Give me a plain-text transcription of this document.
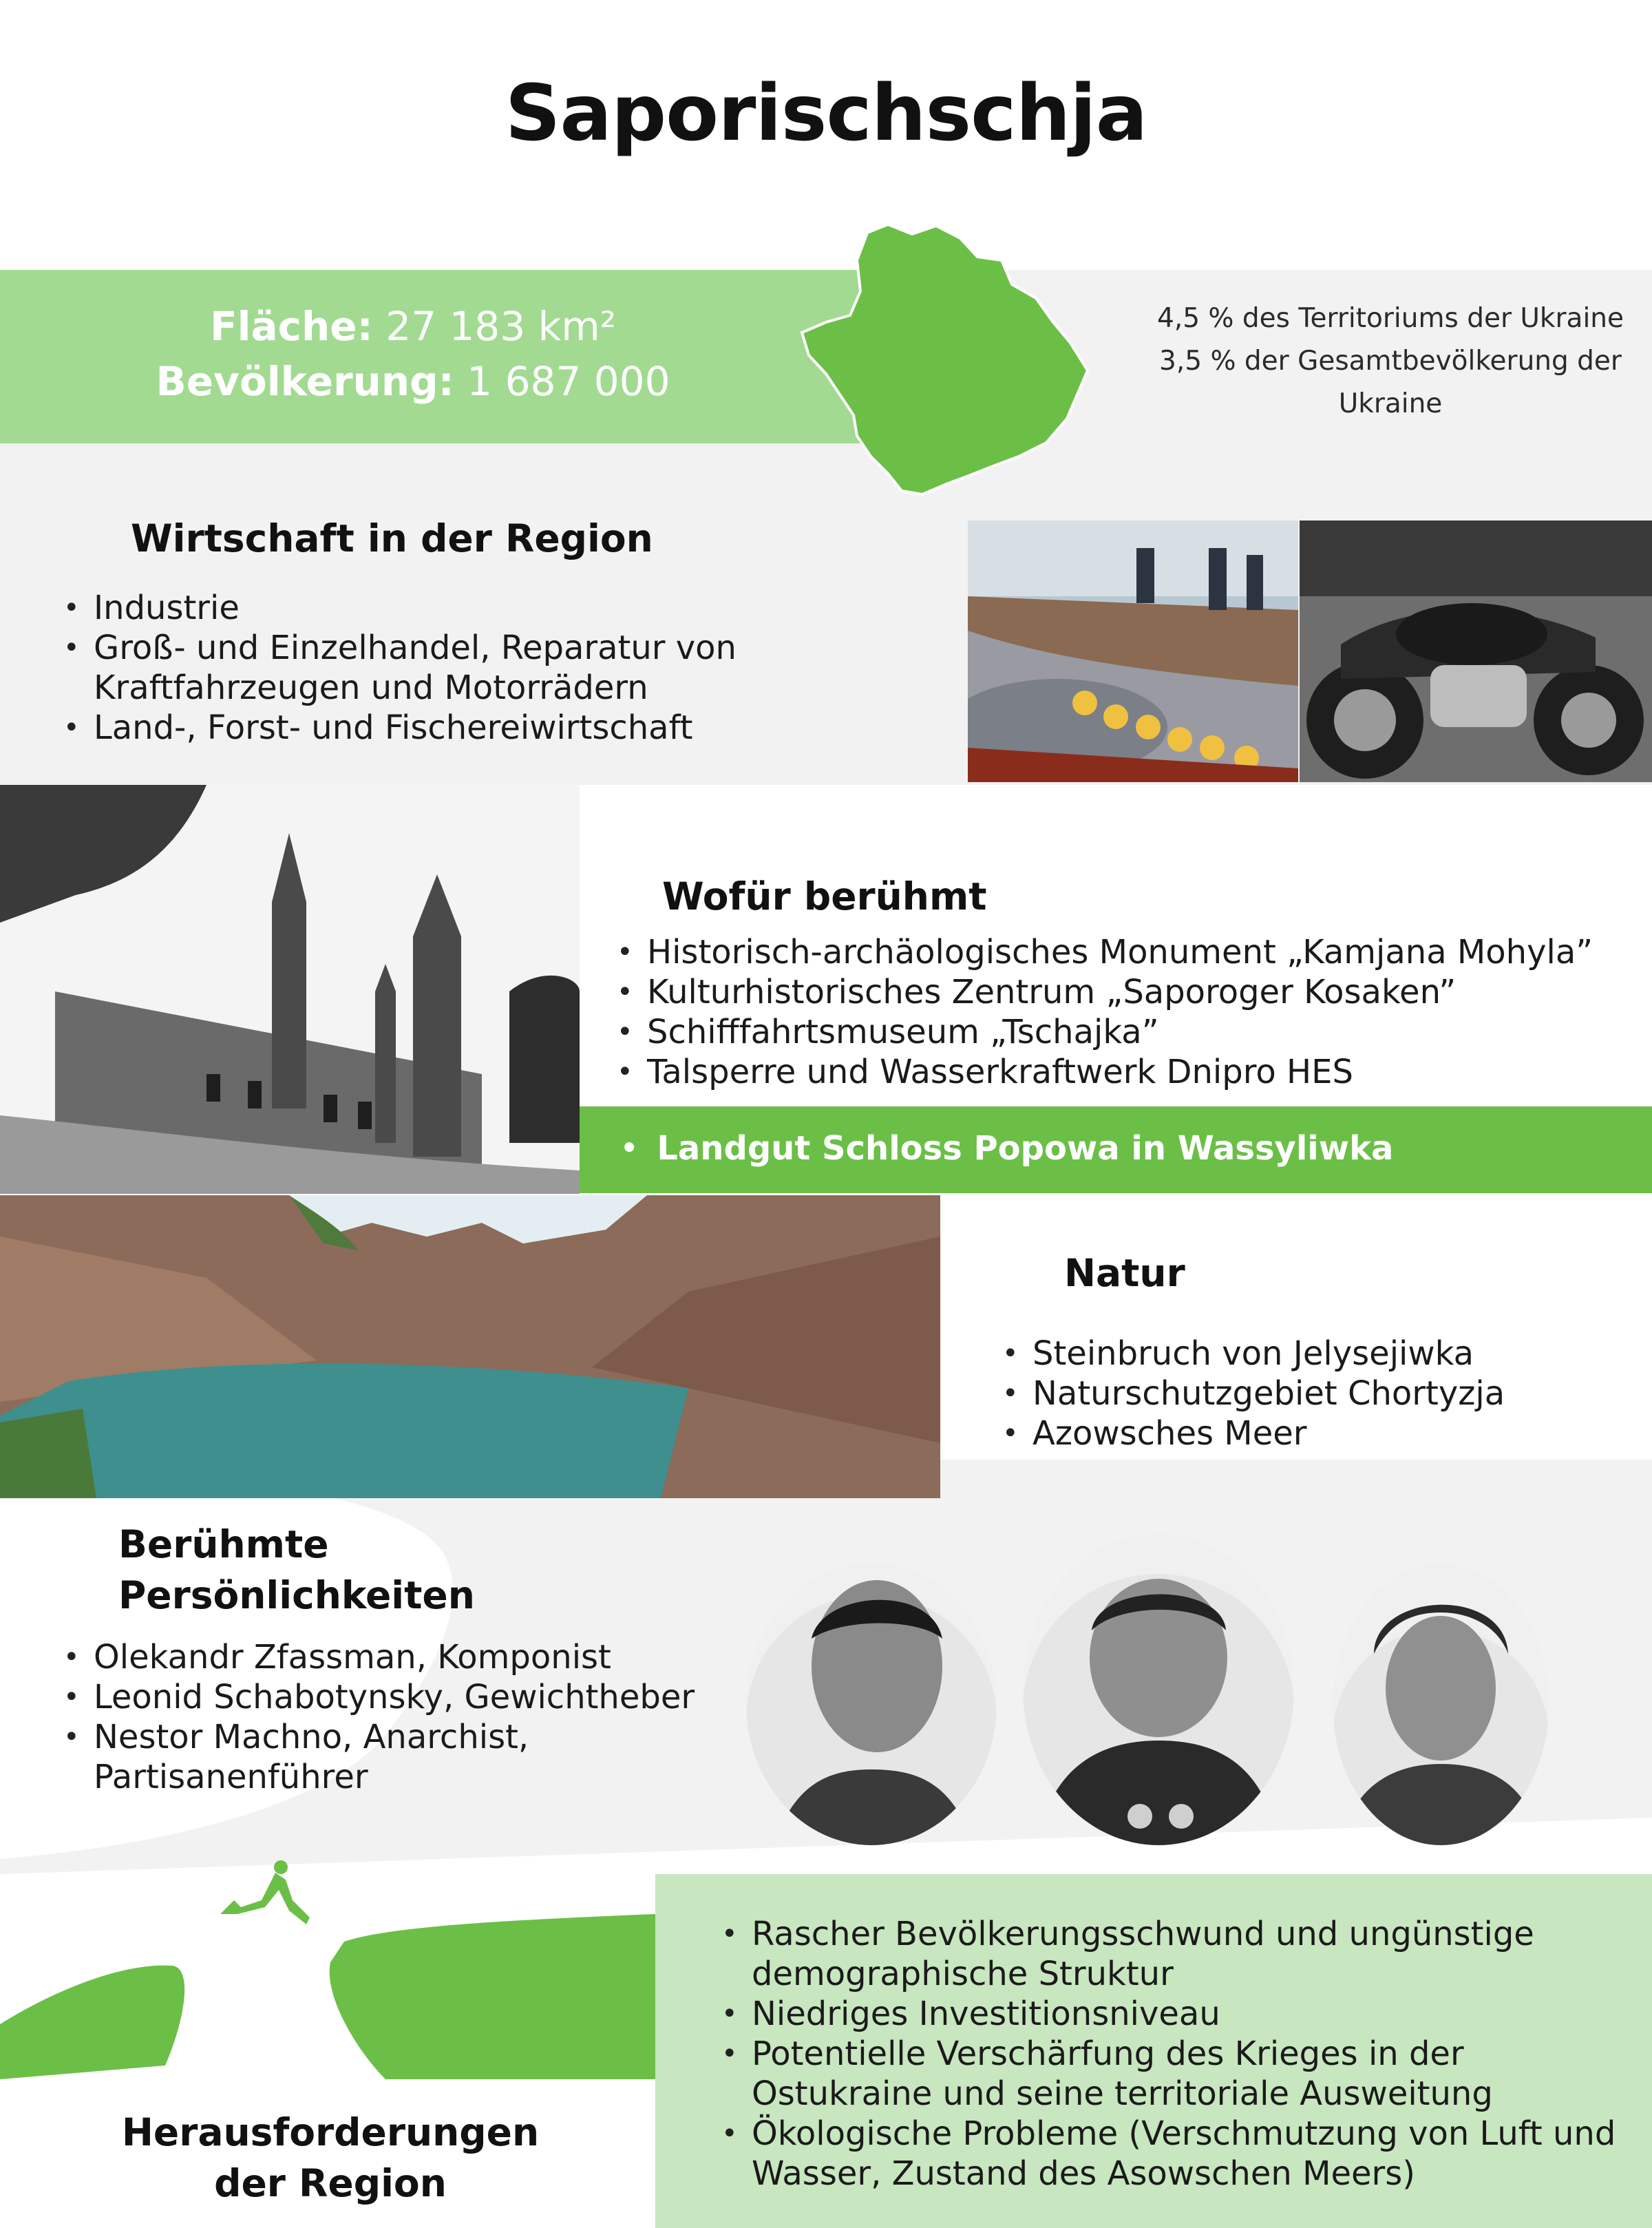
Saporischschja
Fläche: 27 183 km²
Bevölkerung: 1 687 000
4,5 % des Territoriums der Ukraine
3,5 % der Gesamtbevölkerung der Ukraine
Wirtschaft in der Region
• Industrie
• Groß- und Einzelhandel, Reparatur von Kraftfahrzeugen und Motorrädern
• Land-, Forst- und Fischereiwirtschaft
Wofür berühmt
• Historisch-archäologisches Monument „Kamjana Mohyla”
• Kulturhistorisches Zentrum „Saporoger Kosaken”
• Schifffahrtsmuseum „Tschajka”
• Talsperre und Wasserkraftwerk Dnipro HES
• Landgut Schloss Popowa in Wassyliwka
Natur
• Steinbruch von Jelysejiwka
• Naturschutzgebiet Chortyzja
• Azowsches Meer
Berühmte
Persönlichkeiten
• Olekandr Zfassman, Komponist
• Leonid Schabotynsky, Gewichtheber
• Nestor Machno, Anarchist, Partisanenführer
Herausforderungen
der Region
• Rascher Bevölkerungsschwund und ungünstige demographische Struktur
• Niedriges Investitionsniveau
• Potentielle Verschärfung des Krieges in der Ostukraine und seine territoriale Ausweitung
• Ökologische Probleme (Verschmutzung von Luft und Wasser, Zustand des Asowschen Meers)
